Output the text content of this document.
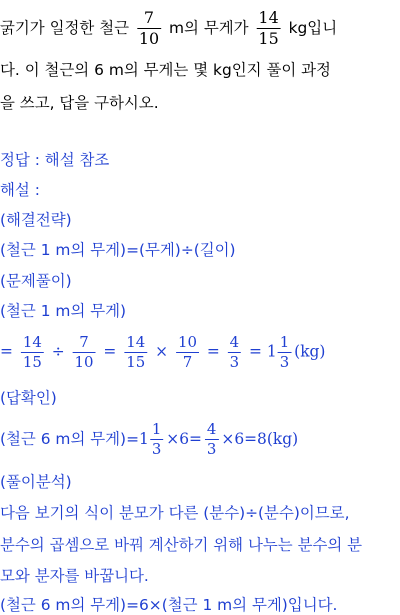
굵기가 일정한 철근 $\frac{7}{10}$ m의 무게가 $\frac{14}{15}$ kg입니
다. 이 철근의 6 m의 무게는 몇 kg인지 풀이 과정
을 쓰고, 답을 구하시오.
정답 : 해설 참조
해설 :
(해결전략)
(철근 1 m의 무게)=(무게)÷(길이)
(문제풀이)
(철근 1 m의 무게)
= $\frac{14}{15} \div \frac{7}{10} = \frac{14}{15} \times \frac{10}{7} = \frac{4}{3} = 1 \frac{1}{3} (kg)$
(답확인)
(철근 6 m의 무게)$=1 \frac{1}{3} \times 6= \frac{4}{3} \times 6=8(kg)$
(풀이분석)
다음 보기의 식이 분모가 다른 (분수)÷(분수)이므로,
분수의 곱셈으로 바꿔 계산하기 위해 나누는 분수의 분
모와 분자를 바꿉니다.
(철근 6 m의 무게)=6×(철근 1 m의 무게)입니다.
